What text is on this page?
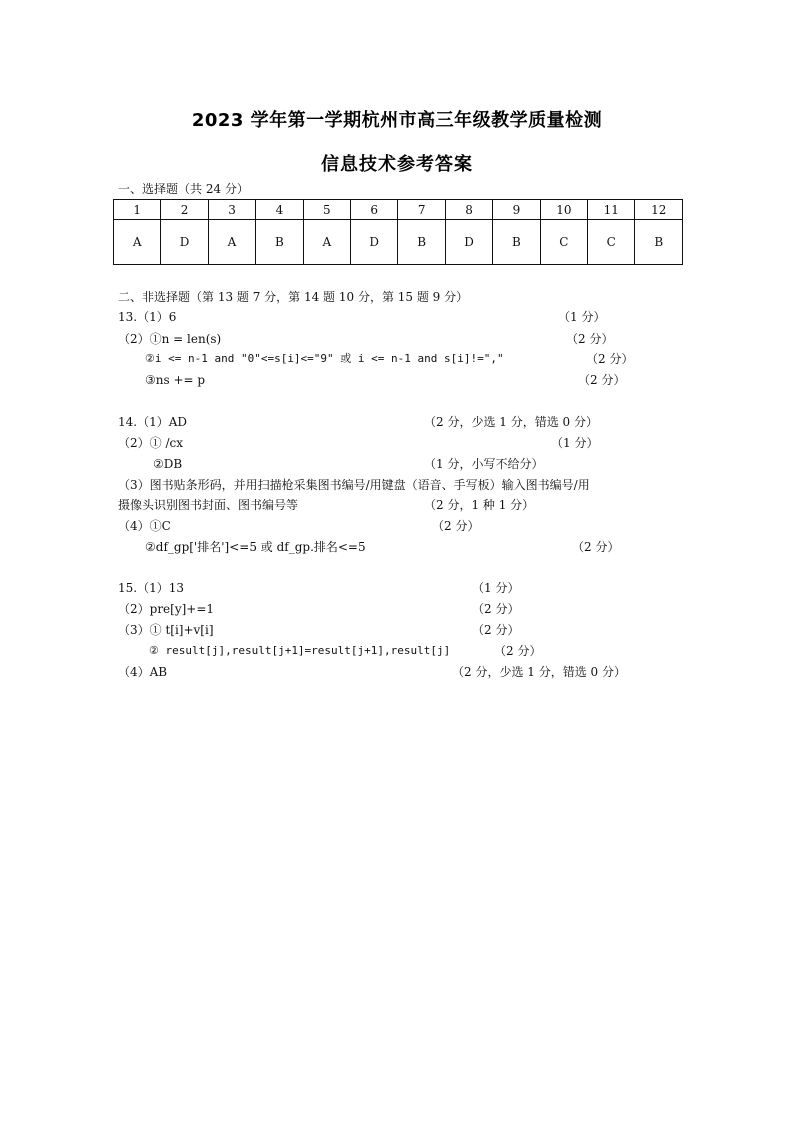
2023 学年第一学期杭州市高三年级教学质量检测
信息技术参考答案
一、选择题（共 24 分）
1	2	3	4	5	6	7	8	9	10	11	12
A	D	A	B	A	D	B	D	B	C	C	B
二、非选择题（第 13 题 7 分，第 14 题 10 分，第 15 题 9 分）
13.（1）6	（1 分）
（2）①n = len(s)	（2 分）
②i <= n-1 and "0"<=s[i]<="9" 或 i <= n-1 and s[i]!=","	（2 分）
③ns += p	（2 分）
14.（1）AD	（2 分，少选 1 分，错选 0 分）
（2）① /cx	（1 分）
②DB	（1 分，小写不给分）
（3）图书贴条形码，并用扫描枪采集图书编号/用键盘（语音、手写板）输入图书编号/用
摄像头识别图书封面、图书编号等	（2 分，1 种 1 分）
（4）①C	（2 分）
②df_gp['排名']<=5 或 df_gp.排名<=5	（2 分）
15.（1）13	（1 分）
（2）pre[y]+=1	（2 分）
（3）① t[i]+v[i]	（2 分）
② result[j],result[j+1]=result[j+1],result[j]	（2 分）
（4）AB	（2 分，少选 1 分，错选 0 分）
